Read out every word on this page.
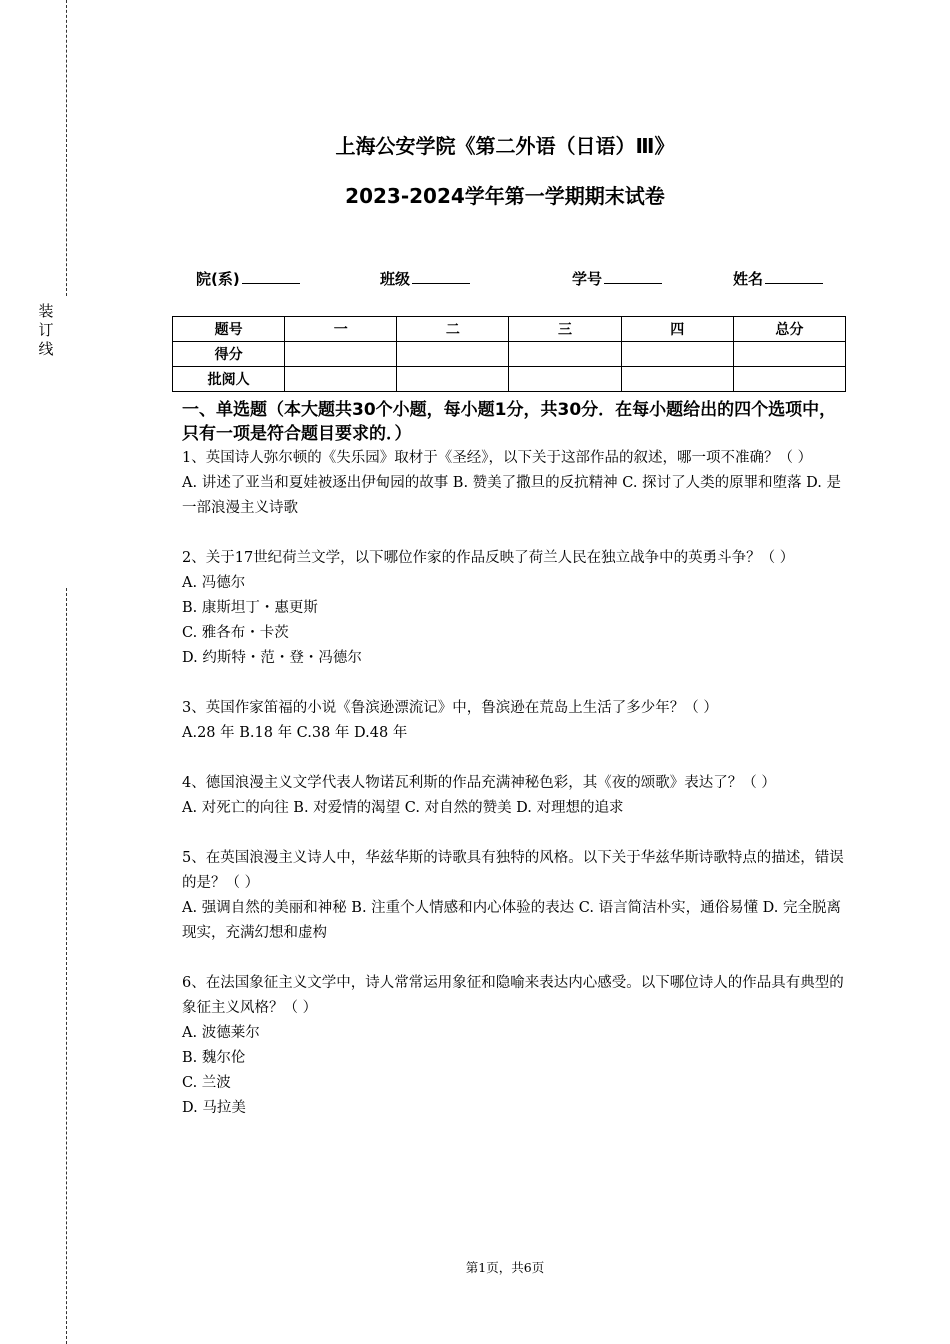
装
订
线
上海公安学院《第二外语（日语）Ⅲ》
2023-2024学年第一学期期末试卷
院(系)	班级	学号	姓名
题号	一	二	三	四	总分
得分					
批阅人					
一、单选题（本大题共30个小题，每小题1分，共30分．在每小题给出的四个选项中，只有一项是符合题目要求的．）

1、英国诗人弥尔顿的《失乐园》取材于《圣经》，以下关于这部作品的叙述，哪一项不准确？（ ）

A. 讲述了亚当和夏娃被逐出伊甸园的故事 B. 赞美了撒旦的反抗精神 C. 探讨了人类的原罪和堕落 D. 是一部浪漫主义诗歌

2、关于17世纪荷兰文学，以下哪位作家的作品反映了荷兰人民在独立战争中的英勇斗争？（ ）

A. 冯德尔

B. 康斯坦丁・惠更斯

C. 雅各布・卡茨

D. 约斯特・范・登・冯德尔

3、英国作家笛福的小说《鲁滨逊漂流记》中，鲁滨逊在荒岛上生活了多少年？（ ）

A.28 年 B.18 年 C.38 年 D.48 年

4、德国浪漫主义文学代表人物诺瓦利斯的作品充满神秘色彩，其《夜的颂歌》表达了？（ ）

A. 对死亡的向往 B. 对爱情的渴望 C. 对自然的赞美 D. 对理想的追求

5、在英国浪漫主义诗人中，华兹华斯的诗歌具有独特的风格。以下关于华兹华斯诗歌特点的描述，错误的是？（ ）

A. 强调自然的美丽和神秘 B. 注重个人情感和内心体验的表达 C. 语言简洁朴实，通俗易懂 D. 完全脱离现实，充满幻想和虚构

6、在法国象征主义文学中，诗人常常运用象征和隐喻来表达内心感受。以下哪位诗人的作品具有典型的象征主义风格？（ ）

A. 波德莱尔

B. 魏尔伦

C. 兰波

D. 马拉美

第1页，共6页
